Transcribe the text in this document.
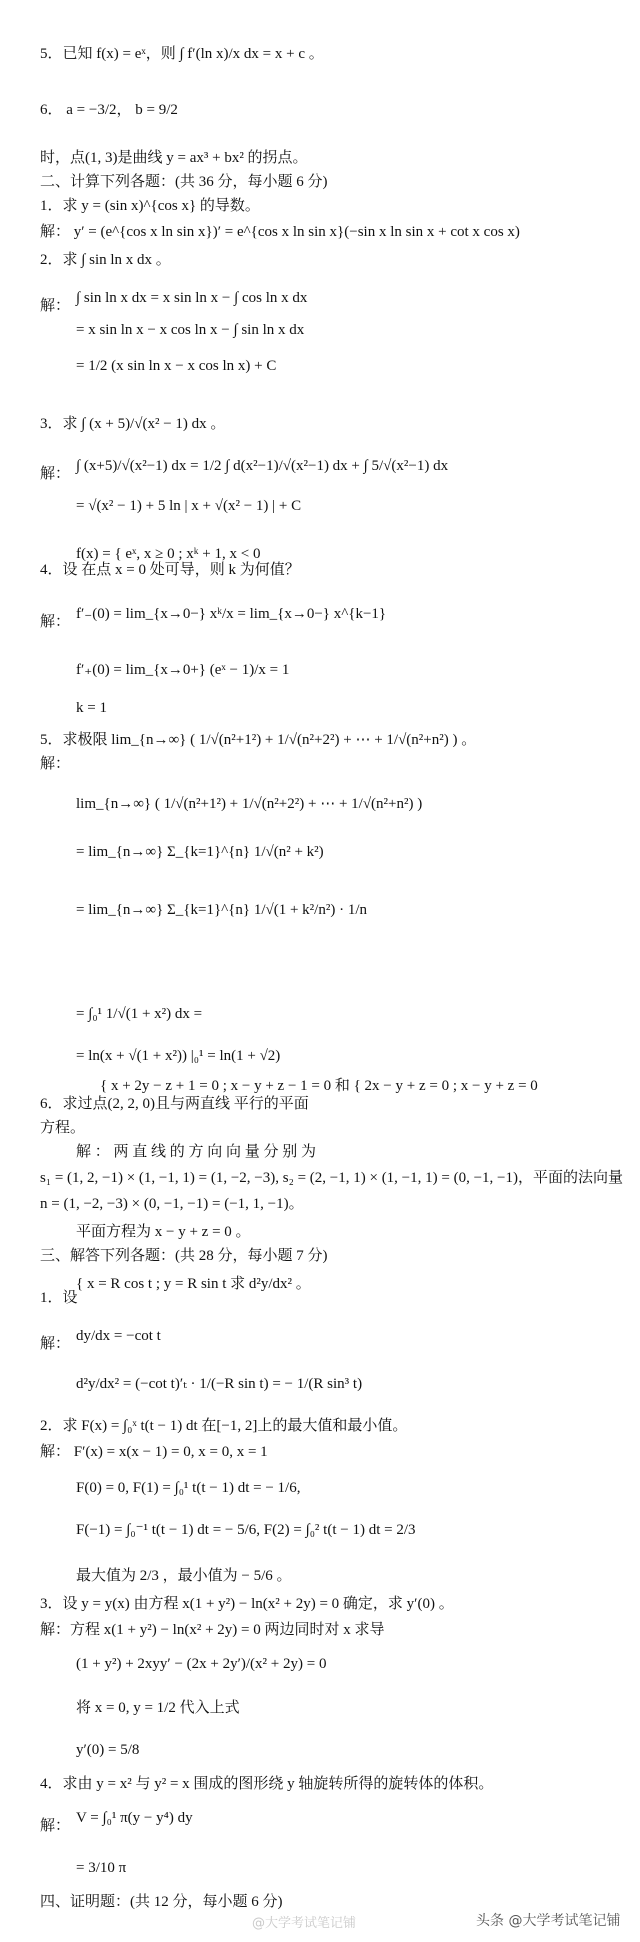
5．已知 f(x) = eˣ，则 ∫ f′(ln x)/x dx = x + c 。
6． a = −3/2， b = 9/2
时，点(1, 3)是曲线 y = ax³ + bx² 的拐点。
二、计算下列各题：(共 36 分，每小题 6 分)
1．求 y = (sin x)^{cos x} 的导数。
解： y′ = (e^{cos x ln sin x})′ = e^{cos x ln sin x}(−sin x ln sin x + cot x cos x)
2．求 ∫ sin ln x dx 。
∫ sin ln x dx = x sin ln x − ∫ cos ln x dx
解：
= x sin ln x − x cos ln x − ∫ sin ln x dx
= 1/2 (x sin ln x − x cos ln x) + C
3．求 ∫ (x + 5)/√(x² − 1) dx 。
∫ (x+5)/√(x²−1) dx = 1/2 ∫ d(x²−1)/√(x²−1) dx + ∫ 5/√(x²−1) dx
解：
= √(x² − 1) + 5 ln | x + √(x² − 1) | + C
f(x) = { eˣ, x ≥ 0 ; xᵏ + 1, x < 0
4．设 在点 x = 0 处可导，则 k 为何值？
f′₋(0) = lim_{x→0−} xᵏ/x = lim_{x→0−} x^{k−1}
解：
f′₊(0) = lim_{x→0+} (eˣ − 1)/x = 1
k = 1
5．求极限 lim_{n→∞} ( 1/√(n²+1²) + 1/√(n²+2²) + ⋯ + 1/√(n²+n²) ) 。
解：
lim_{n→∞} ( 1/√(n²+1²) + 1/√(n²+2²) + ⋯ + 1/√(n²+n²) )
= lim_{n→∞} Σ_{k=1}^{n} 1/√(n² + k²)
= lim_{n→∞} Σ_{k=1}^{n} 1/√(1 + k²/n²) · 1/n
= ∫₀¹ 1/√(1 + x²) dx =
= ln(x + √(1 + x²)) |₀¹ = ln(1 + √2)
{ x + 2y − z + 1 = 0 ; x − y + z − 1 = 0 和 { 2x − y + z = 0 ; x − y + z = 0
6．求过点(2, 2, 0)且与两直线 平行的平面
方程。
解 ： 两 直 线 的 方 向 向 量 分 别 为
s₁ = (1, 2, −1) × (1, −1, 1) = (1, −2, −3), s₂ = (2, −1, 1) × (1, −1, 1) = (0, −1, −1)，平面的法向量
n = (1, −2, −3) × (0, −1, −1) = (−1, 1, −1)。
平面方程为 x − y + z = 0 。
三、解答下列各题：(共 28 分，每小题 7 分)
{ x = R cos t ; y = R sin t 求 d²y/dx² 。
1．设
dy/dx = −cot t
解：
d²y/dx² = (−cot t)′ₜ · 1/(−R sin t) = − 1/(R sin³ t)
2．求 F(x) = ∫₀ˣ t(t − 1) dt 在[−1, 2]上的最大值和最小值。
解： F′(x) = x(x − 1) = 0, x = 0, x = 1
F(0) = 0, F(1) = ∫₀¹ t(t − 1) dt = − 1/6,
F(−1) = ∫₀⁻¹ t(t − 1) dt = − 5/6, F(2) = ∫₀² t(t − 1) dt = 2/3
最大值为 2/3 ，最小值为 − 5/6 。
3．设 y = y(x) 由方程 x(1 + y²) − ln(x² + 2y) = 0 确定，求 y′(0) 。
解：方程 x(1 + y²) − ln(x² + 2y) = 0 两边同时对 x 求导
(1 + y²) + 2xyy′ − (2x + 2y′)/(x² + 2y) = 0
将 x = 0, y = 1/2 代入上式
y′(0) = 5/8
4．求由 y = x² 与 y² = x 围成的图形绕 y 轴旋转所得的旋转体的体积。
V = ∫₀¹ π(y − y⁴) dy
解：
= 3/10 π
四、证明题：(共 12 分，每小题 6 分)
@大学考试笔记铺	头条 @大学考试笔记铺
